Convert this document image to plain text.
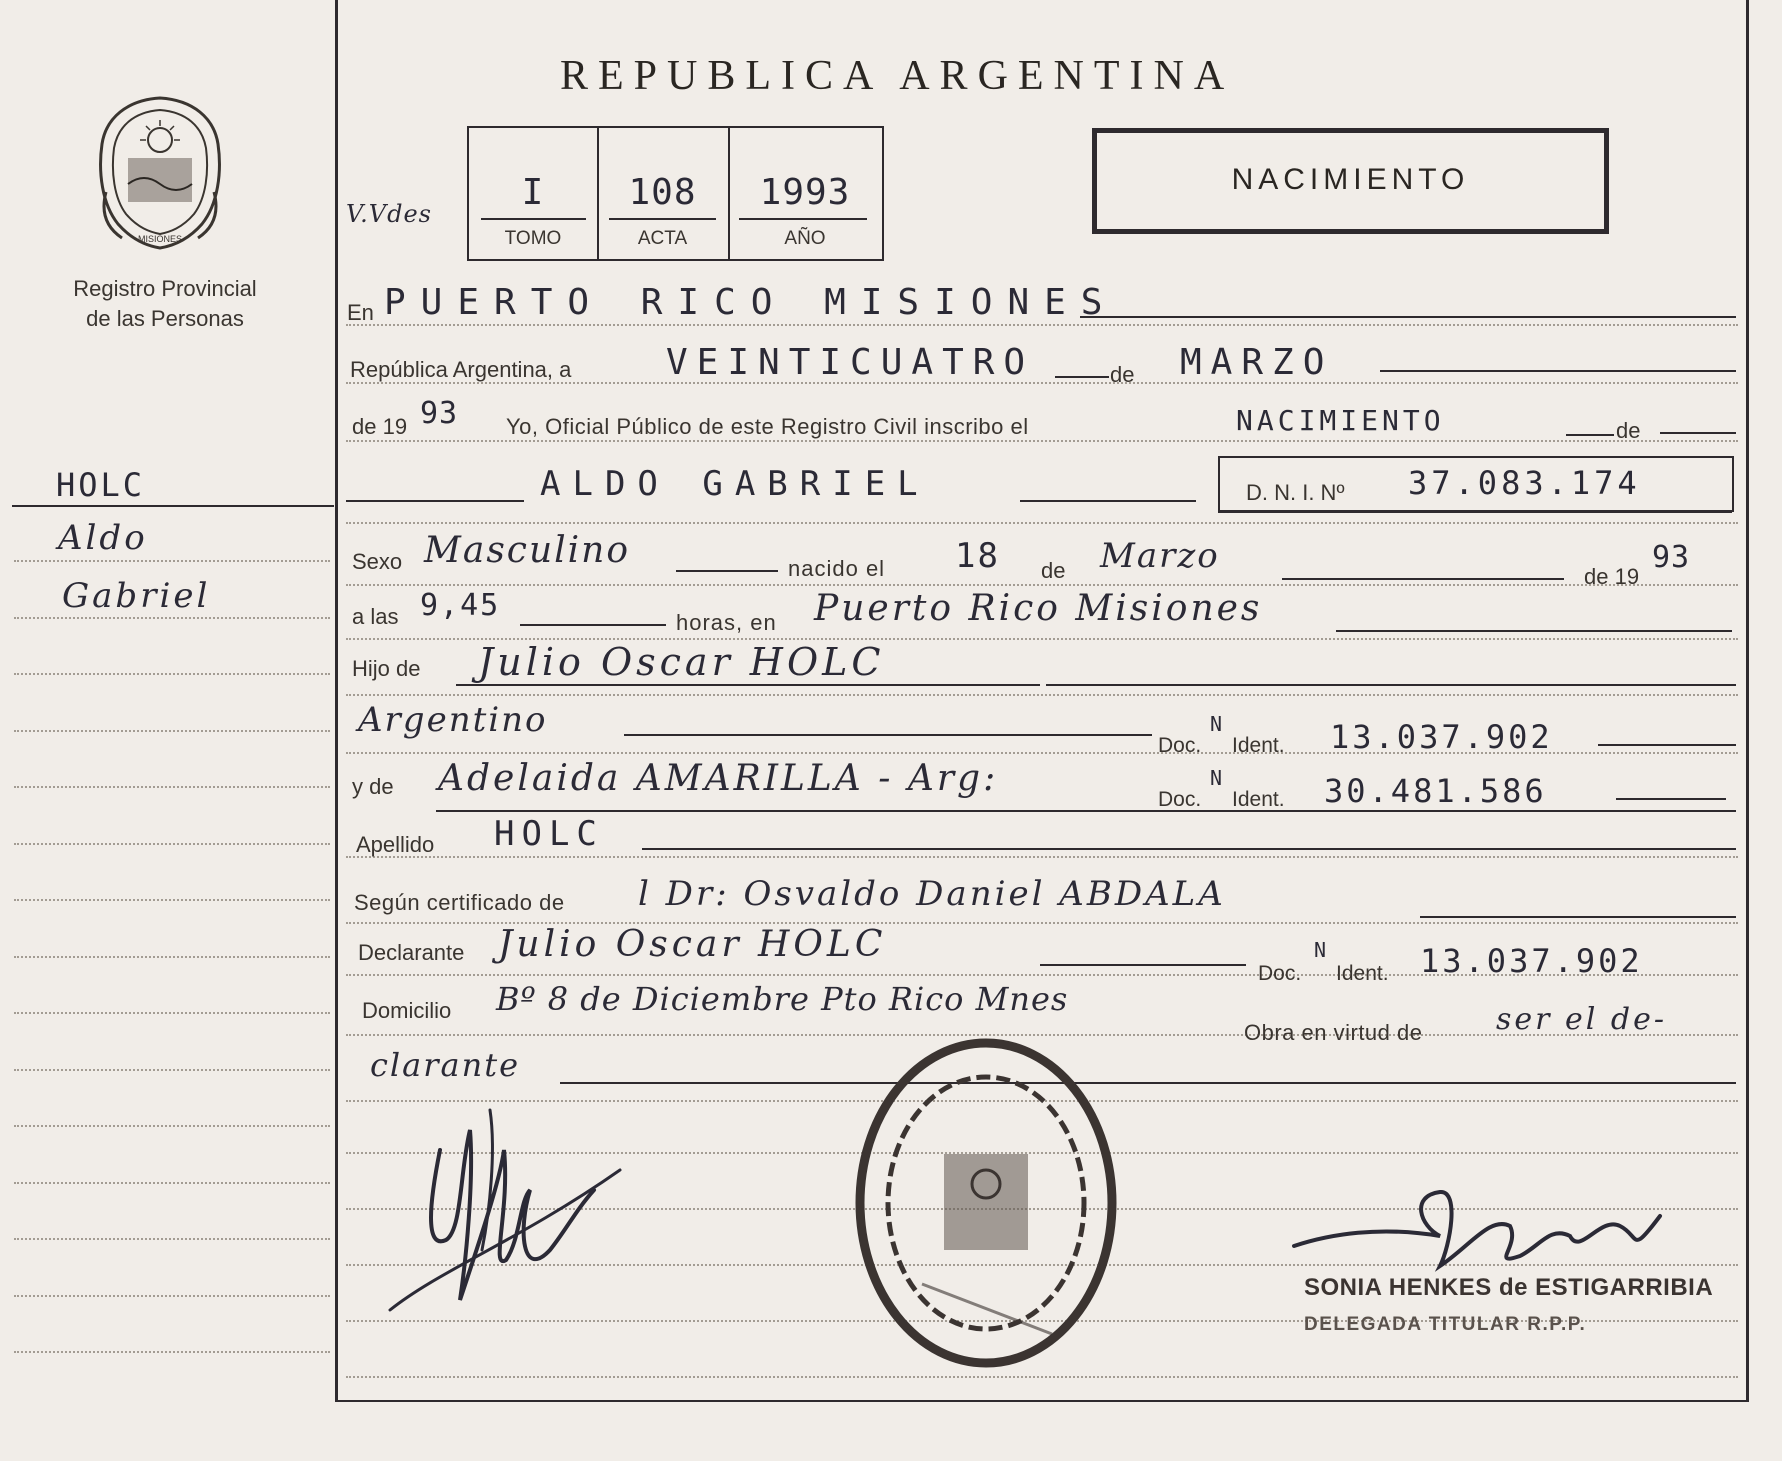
MISIONES
Registro Provincial
de las Personas
HOLC
Aldo
Gabriel
REPUBLICA ARGENTINA
V.Vdes
I	108	1993
TOMO	ACTA	AÑO
NACIMIENTO
En PUERTO RICO MISIONES
República Argentina, a	VEINTICUATRO	de MARZO
de 19 93 Yo, Oficial Público de este Registro Civil inscribo el	NACIMIENTO	de
ALDO GABRIEL	D. N. I. Nº 37.083.174
Sexo Masculino	nacido el 18 de Marzo
de 19
93
a las 9,45	horas, en Puerto Rico Misiones
Hijo de Julio Oscar HOLC
Argentino
Doc.
N
Ident. 13.037.902
y de Adelaida AMARILLA - Arg:
Doc.
N
Ident. 30.481.586
Apellido HOLC
Según certificado de l Dr: Osvaldo Daniel ABDALA
Declarante Julio Oscar HOLC
Doc.
N
Ident. 13.037.902
Domicilio Bº 8 de Diciembre Pto Rico Mnes
Obra en virtud de ser el de-
clarante
SONIA HENKES de ESTIGARRIBIA
DELEGADA TITULAR R.P.P.
